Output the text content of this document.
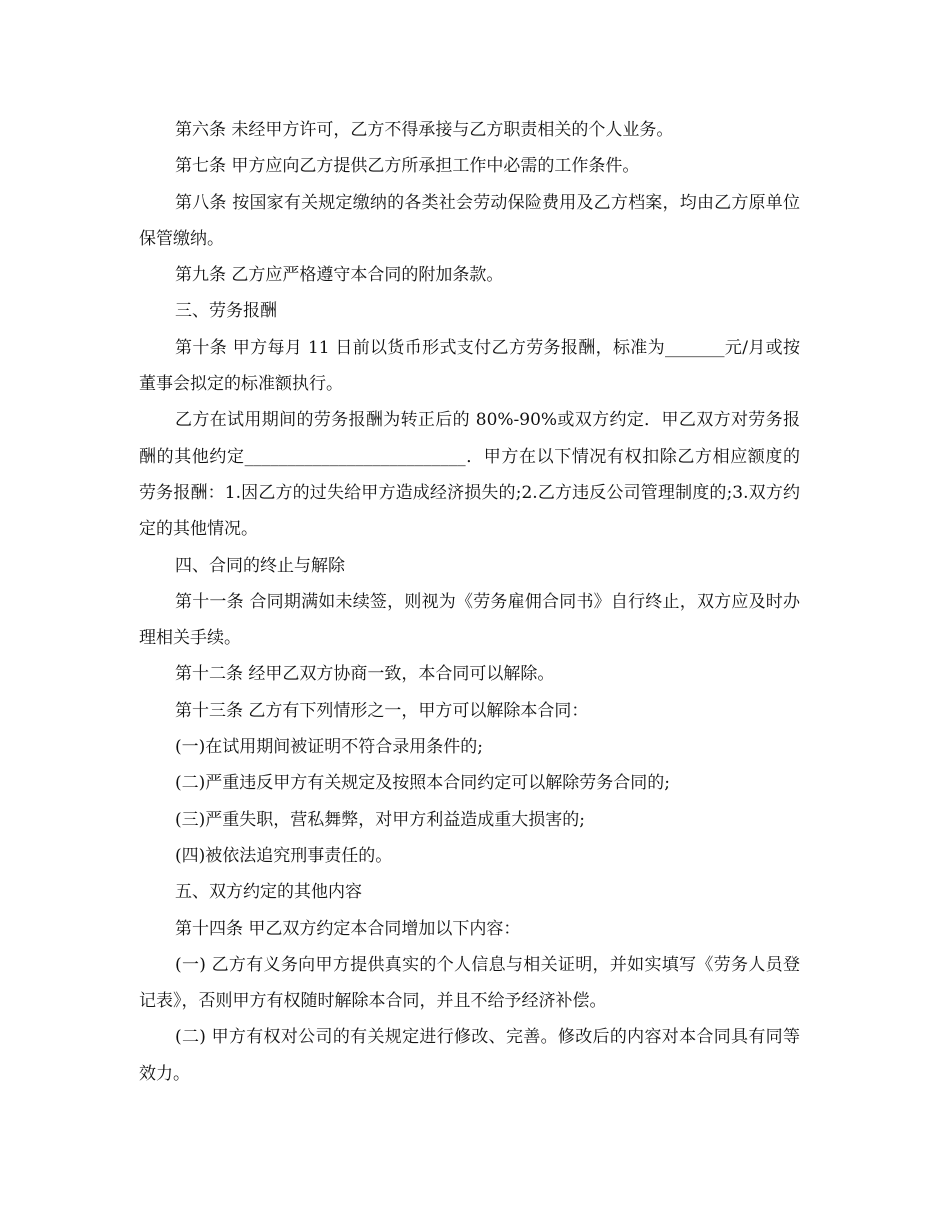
第六条 未经甲方许可，乙方不得承接与乙方职责相关的个人业务。

第七条 甲方应向乙方提供乙方所承担工作中必需的工作条件。

第八条 按国家有关规定缴纳的各类社会劳动保险费用及乙方档案，均由乙方原单位保管缴纳。

第九条 乙方应严格遵守本合同的附加条款。

三、劳务报酬

第十条 甲方每月 11 日前以货币形式支付乙方劳务报酬，标准为_______元/月或按董事会拟定的标准额执行。

乙方在试用期间的劳务报酬为转正后的 80%-90%或双方约定．甲乙双方对劳务报酬的其他约定__________________________．甲方在以下情况有权扣除乙方相应额度的劳务报酬：1.因乙方的过失给甲方造成经济损失的;2.乙方违反公司管理制度的;3.双方约定的其他情况。

四、合同的终止与解除

第十一条 合同期满如未续签，则视为《劳务雇佣合同书》自行终止，双方应及时办理相关手续。

第十二条 经甲乙双方协商一致，本合同可以解除。

第十三条 乙方有下列情形之一，甲方可以解除本合同：

(一)在试用期间被证明不符合录用条件的;

(二)严重违反甲方有关规定及按照本合同约定可以解除劳务合同的;

(三)严重失职，营私舞弊，对甲方利益造成重大损害的;

(四)被依法追究刑事责任的。

五、双方约定的其他内容

第十四条 甲乙双方约定本合同增加以下内容：

(一) 乙方有义务向甲方提供真实的个人信息与相关证明，并如实填写《劳务人员登记表》，否则甲方有权随时解除本合同，并且不给予经济补偿。

(二) 甲方有权对公司的有关规定进行修改、完善。修改后的内容对本合同具有同等效力。
